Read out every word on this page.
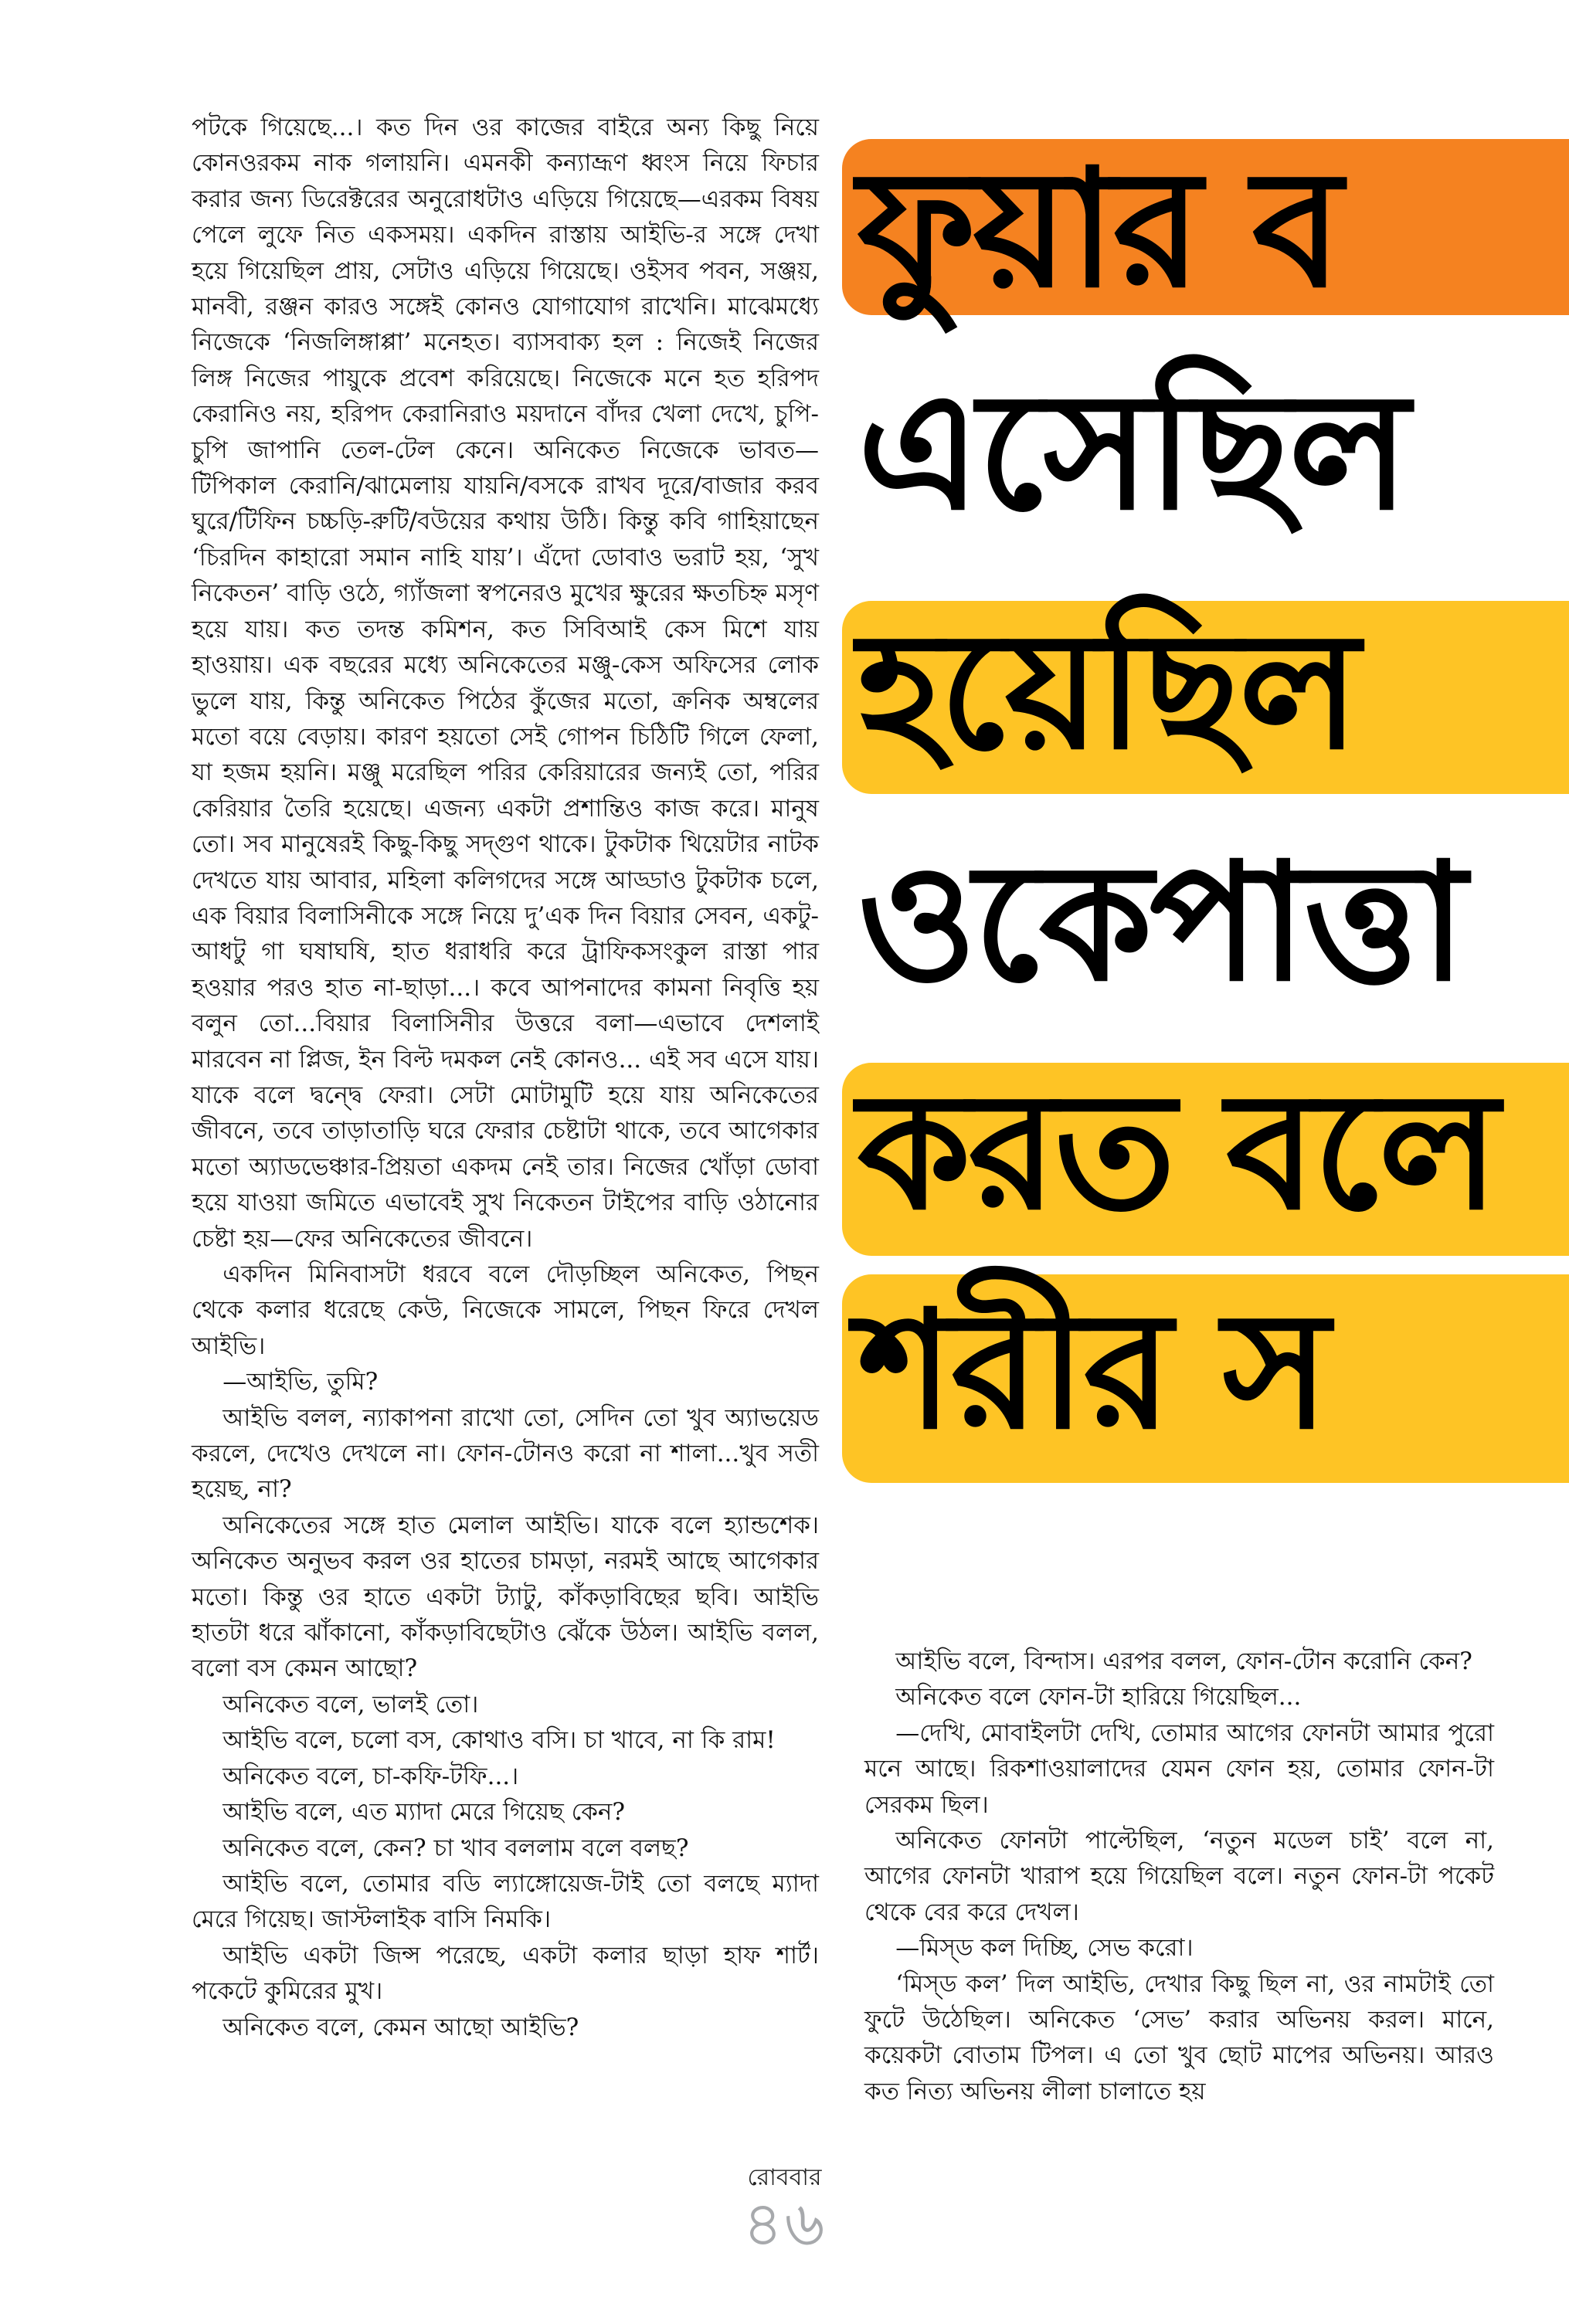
পটকে গিয়েছে...। কত দিন ওর কাজের বাইরে অন্য কিছু নিয়ে কোনওরকম নাক গলায়নি। এমনকী কন্যাভ্রূণ ধ্বংস নিয়ে ফিচার করার জন্য ডিরেক্টরের অনুরোধটাও এড়িয়ে গিয়েছে—এরকম বিষয় পেলে লুফে নিত একসময়। একদিন রাস্তায় আইভি-র সঙ্গে দেখা হয়ে গিয়েছিল প্রায়, সেটাও এড়িয়ে গিয়েছে। ওইসব পবন, সঞ্জয়, মানবী, রঞ্জন কারও সঙ্গেই কোনও যোগাযোগ রাখেনি। মাঝেমধ্যে নিজেকে ‘নিজলিঙ্গাপ্পা’ মনেহত। ব্যাসবাক্য হল : নিজেই নিজের লিঙ্গ নিজের পায়ুকে প্রবেশ করিয়েছে। নিজেকে মনে হত হরিপদ কেরানিও নয়, হরিপদ কেরানিরাও ময়দানে বাঁদর খেলা দেখে, চুপি-চুপি জাপানি তেল-টেল কেনে। অনিকেত নিজেকে ভাবত—টিপিকাল কেরানি/ঝামেলায় যায়নি/বসকে রাখব দূরে/বাজার করব ঘুরে/টিফিন চচ্চড়ি-রুটি/বউয়ের কথায় উঠি। কিন্তু কবি গাহিয়াছেন ‘চিরদিন কাহারো সমান নাহি যায়’। এঁদো ডোবাও ভরাট হয়, ‘সুখ নিকেতন’ বাড়ি ওঠে, গ্যাঁজলা স্বপনেরও মুখের ক্ষুরের ক্ষতচিহ্ন মসৃণ হয়ে যায়। কত তদন্ত কমিশন, কত সিবিআই কেস মিশে যায় হাওয়ায়। এক বছরের মধ্যে অনিকেতের মঞ্জু-কেস অফিসের লোক ভুলে যায়, কিন্তু অনিকেত পিঠের কুঁজের মতো, ক্রনিক অম্বলের মতো বয়ে বেড়ায়। কারণ হয়তো সেই গোপন চিঠিটি গিলে ফেলা, যা হজম হয়নি। মঞ্জু মরেছিল পরির কেরিয়ারের জন্যই তো, পরির কেরিয়ার তৈরি হয়েছে। এজন্য একটা প্রশান্তিও কাজ করে। মানুষ তো। সব মানুষেরই কিছু-কিছু সদ্গুণ থাকে। টুকটাক থিয়েটার নাটক দেখতে যায় আবার, মহিলা কলিগদের সঙ্গে আড্ডাও টুকটাক চলে, এক বিয়ার বিলাসিনীকে সঙ্গে নিয়ে দু’এক দিন বিয়ার সেবন, একটু-আধটু গা ঘষাঘষি, হাত ধরাধরি করে ট্রাফিকসংকুল রাস্তা পার হওয়ার পরও হাত না-ছাড়া...। কবে আপনাদের কামনা নিবৃত্তি হয় বলুন তো...বিয়ার বিলাসিনীর উত্তরে বলা—এভাবে দেশলাই মারবেন না প্লিজ, ইন বিল্ট দমকল নেই কোনও... এই সব এসে যায়। যাকে বলে দ্বন্দ্বে ফেরা। সেটা মোটামুটি হয়ে যায় অনিকেতের জীবনে, তবে তাড়াতাড়ি ঘরে ফেরার চেষ্টাটা থাকে, তবে আগেকার মতো অ্যাডভেঞ্চার-প্রিয়তা একদম নেই তার। নিজের খোঁড়া ডোবা হয়ে যাওয়া জমিতে এভাবেই সুখ নিকেতন টাইপের বাড়ি ওঠানোর চেষ্টা হয়—ফের অনিকেতের জীবনে।

একদিন মিনিবাসটা ধরবে বলে দৌড়চ্ছিল অনিকেত, পিছন থেকে কলার ধরেছে কেউ, নিজেকে সামলে, পিছন ফিরে দেখল আইভি।

—আইভি, তুমি?

আইভি বলল, ন্যাকাপনা রাখো তো, সেদিন তো খুব অ্যাভয়েড করলে, দেখেও দেখলে না। ফোন-টোনও করো না শালা...খুব সতী হয়েছ, না?

অনিকেতের সঙ্গে হাত মেলাল আইভি। যাকে বলে হ্যান্ডশেক। অনিকেত অনুভব করল ওর হাতের চামড়া, নরমই আছে আগেকার মতো। কিন্তু ওর হাতে একটা ট্যাটু, কাঁকড়াবিছের ছবি। আইভি হাতটা ধরে ঝাঁকানো, কাঁকড়াবিছেটাও ঝেঁকে উঠল। আইভি বলল, বলো বস কেমন আছো?

অনিকেত বলে, ভালই তো।

আইভি বলে, চলো বস, কোথাও বসি। চা খাবে, না কি রাম!

অনিকেত বলে, চা-কফি-টফি...।

আইভি বলে, এত ম্যাদা মেরে গিয়েছ কেন?

অনিকেত বলে, কেন? চা খাব বললাম বলে বলছ?

আইভি বলে, তোমার বডি ল্যাঙ্গোয়েজ-টাই তো বলছে ম্যাদা মেরে গিয়েছ। জাস্টলাইক বাসি নিমকি।

আইভি একটা জিন্স পরেছে, একটা কলার ছাড়া হাফ শার্ট। পকেটে কুমিরের মুখ।

অনিকেত বলে, কেমন আছো আইভি?

ফুয়ার ব
এসেছিল
হয়েছিল
ওকেপাত্তা
করত বলে
শরীর স

আইভি বলে, বিন্দাস। এরপর বলল, ফোন-টোন করোনি কেন?

অনিকেত বলে ফোন-টা হারিয়ে গিয়েছিল...

—দেখি, মোবাইলটা দেখি, তোমার আগের ফোনটা আমার পুরো মনে আছে। রিকশাওয়ালাদের যেমন ফোন হয়, তোমার ফোন-টা সেরকম ছিল।

অনিকেত ফোনটা পাল্টেছিল, ‘নতুন মডেল চাই’ বলে না, আগের ফোনটা খারাপ হয়ে গিয়েছিল বলে। নতুন ফোন-টা পকেট থেকে বের করে দেখল।

—মিস্‌ড কল দিচ্ছি, সেভ করো।

‘মিস্‌ড কল’ দিল আইভি, দেখার কিছু ছিল না, ওর নামটাই তো ফুটে উঠেছিল। অনিকেত ‘সেভ’ করার অভিনয় করল। মানে, কয়েকটা বোতাম টিপল। এ তো খুব ছোট মাপের অভিনয়। আরও কত নিত্য অভিনয় লীলা চালাতে হয়

রোববার
৪৬
